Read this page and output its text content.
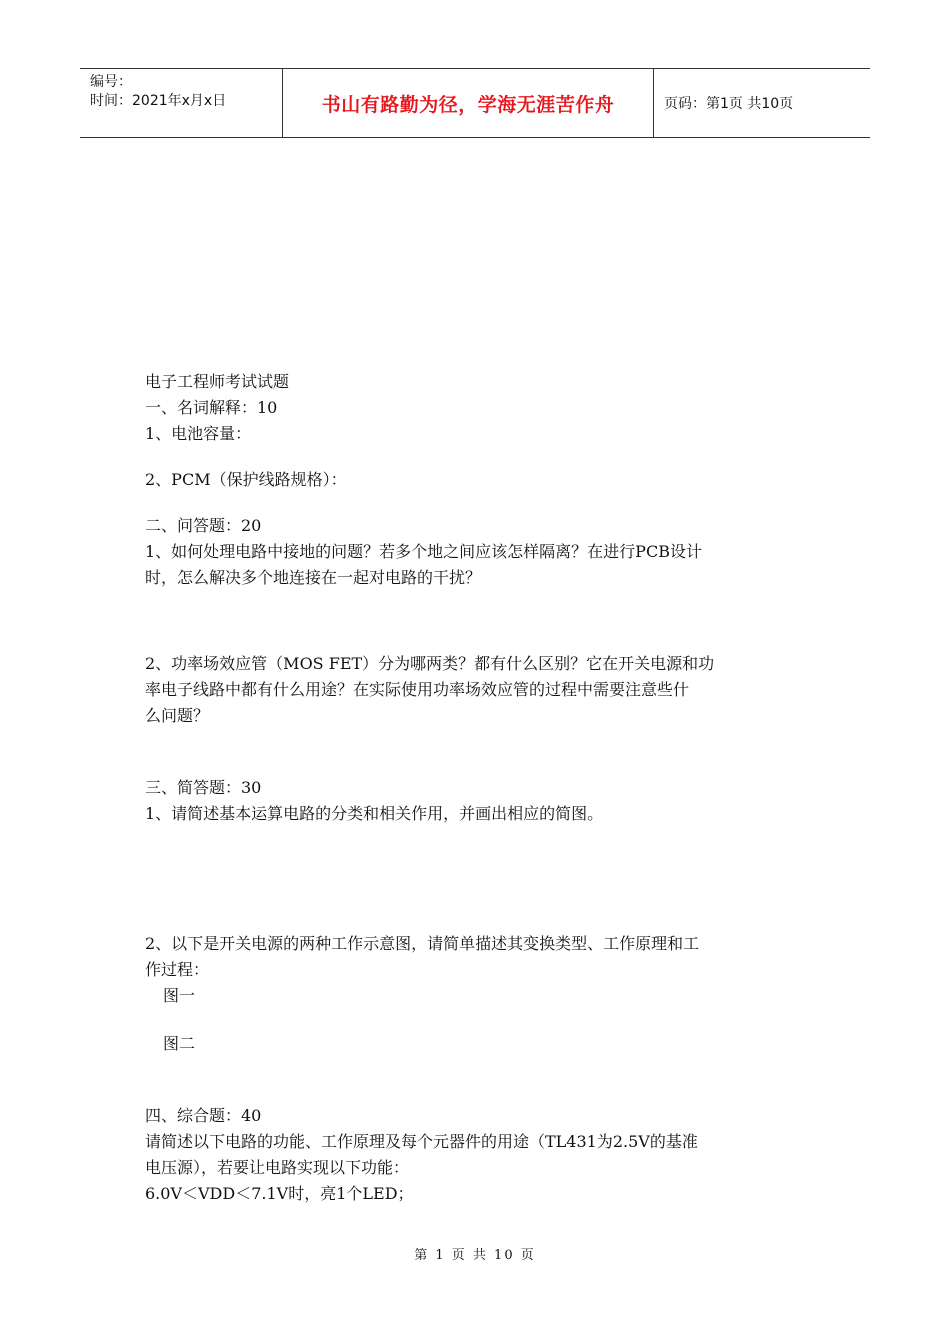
编号：
时间：2021年x月x日	书山有路勤为径，学海无涯苦作舟	页码：第1页 共10页
电子工程师考试试题
一、名词解释：10
1、电池容量：
2、PCM（保护线路规格）：
二、问答题：20
1、如何处理电路中接地的问题？若多个地之间应该怎样隔离？在进行PCB设计
时，怎么解决多个地连接在一起对电路的干扰？
2、功率场效应管（MOS FET）分为哪两类？都有什么区别？它在开关电源和功
率电子线路中都有什么用途？在实际使用功率场效应管的过程中需要注意些什
么问题？
三、简答题：30
1、请简述基本运算电路的分类和相关作用，并画出相应的简图。
2、以下是开关电源的两种工作示意图，请简单描述其变换类型、工作原理和工
作过程：
图一
图二
四、综合题：40
请简述以下电路的功能、工作原理及每个元器件的用途（TL431为2.5V的基准
电压源），若要让电路实现以下功能：
6.0V＜VDD＜7.1V时，亮1个LED；
第 1 页 共 10 页
